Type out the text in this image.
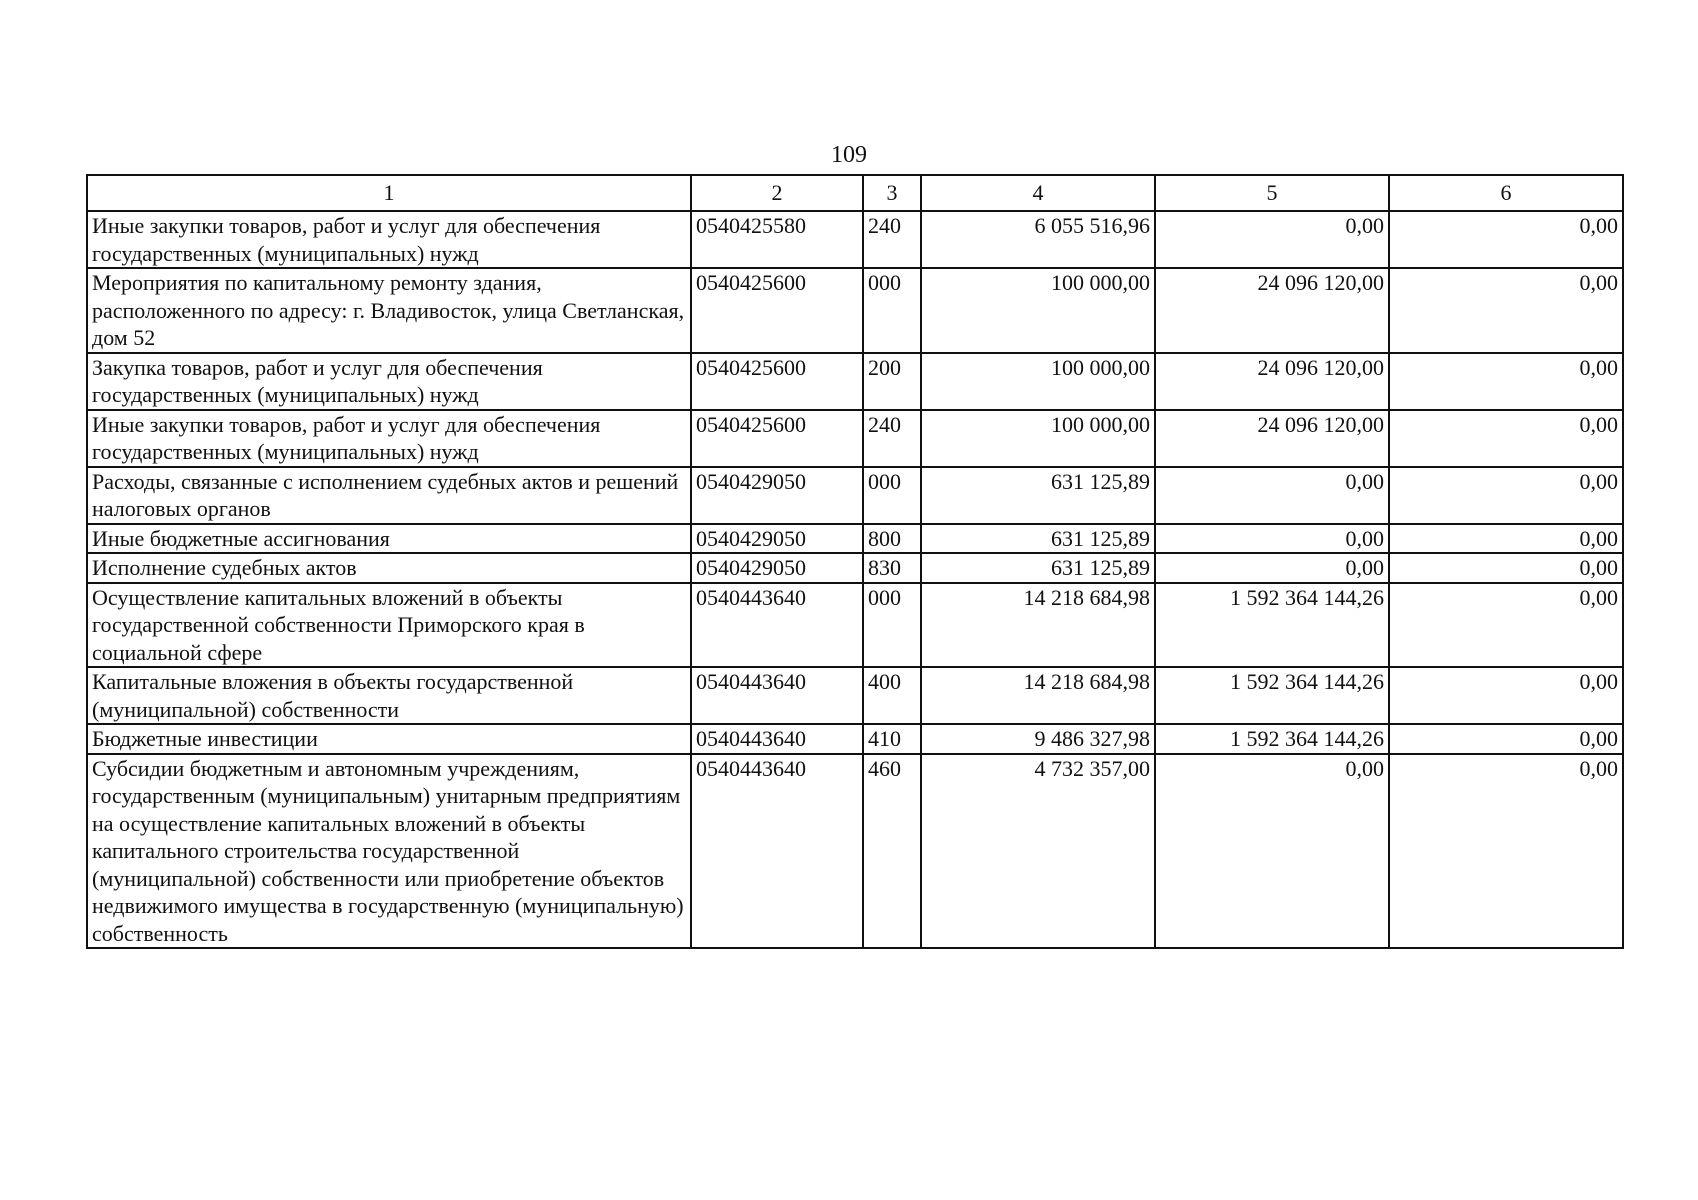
109
1	2	3	4	5	6
Иные закупки товаров, работ и услуг для обеспечения государственных (муниципальных) нужд	0540425580	240	6 055 516,96	0,00	0,00
Мероприятия по капитальному ремонту здания, расположенного по адресу: г. Владивосток, улица Светланская, дом 52	0540425600	000	100 000,00	24 096 120,00	0,00
Закупка товаров, работ и услуг для обеспечения государственных (муниципальных) нужд	0540425600	200	100 000,00	24 096 120,00	0,00
Иные закупки товаров, работ и услуг для обеспечения государственных (муниципальных) нужд	0540425600	240	100 000,00	24 096 120,00	0,00
Расходы, связанные с исполнением судебных актов и решений налоговых органов	0540429050	000	631 125,89	0,00	0,00
Иные бюджетные ассигнования	0540429050	800	631 125,89	0,00	0,00
Исполнение судебных актов	0540429050	830	631 125,89	0,00	0,00
Осуществление капитальных вложений в объекты государственной собственности Приморского края в социальной сфере	0540443640	000	14 218 684,98	1 592 364 144,26	0,00
Капитальные вложения в объекты государственной (муниципальной) собственности	0540443640	400	14 218 684,98	1 592 364 144,26	0,00
Бюджетные инвестиции	0540443640	410	9 486 327,98	1 592 364 144,26	0,00
Субсидии бюджетным и автономным учреждениям, государственным (муниципальным) унитарным предприятиям на осуществление капитальных вложений в объекты капитального строительства государственной (муниципальной) собственности или приобретение объектов недвижимого имущества в государственную (муниципальную) собственность	0540443640	460	4 732 357,00	0,00	0,00
